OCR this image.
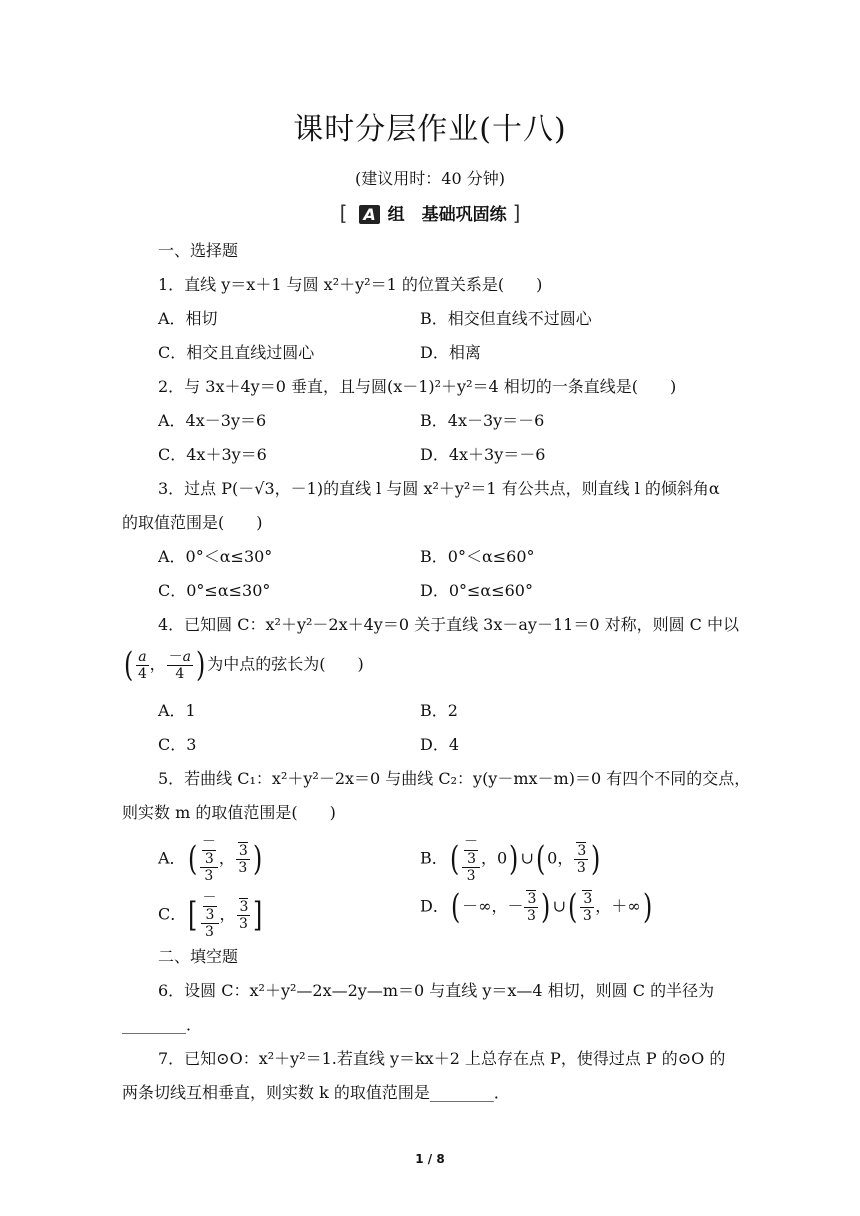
课时分层作业(十八)
(建议用时：40 分钟)
[ A 组　基础巩固练 ]
一、选择题
1．直线 y＝x＋1 与圆 x²＋y²＝1 的位置关系是(　　)
A．相切	B．相交但直线不过圆心
C．相交且直线过圆心	D．相离
2．与 3x＋4y＝0 垂直，且与圆(x－1)²＋y²＝4 相切的一条直线是(　　)
A．4x－3y＝6	B．4x－3y＝－6
C．4x＋3y＝6	D．4x＋3y＝－6
3．过点 P(－√3，－1)的直线 l 与圆 x²＋y²＝1 有公共点，则直线 l 的倾斜角α
的取值范围是(　　)
A．0°＜α≤30°	B．0°＜α≤60°
C．0°≤α≤30°	D．0°≤α≤60°
4．已知圆 C：x²＋y²－2x＋4y＝0 关于直线 3x－ay－11＝0 对称，则圆 C 中以
( $\frac{a}{4}$ ， $\frac{-a}{4}$ ) 为中点的弦长为(　　)
A．1	B．2
C．3	D．4
5．若曲线 C₁：x²＋y²－2x＝0 与曲线 C₂：y(y－mx－m)＝0 有四个不同的交点，
则实数 m 的取值范围是(　　)
A．( －
3
3 ， $\frac{3}{3}$ )	B．( －
3
3 ，0) ∪( 0， $\frac{3}{3}$ )
C．[ －
3
3 ， $\frac{3}{3}$ ]	D．( －∞，－ $\frac{3}{3}$ ) ∪( $\frac{3}{3}$ ，＋∞)
二、填空题
6．设圆 C：x²＋y²—2x—2y—m＝0 与直线 y＝x—4 相切，则圆 C 的半径为
________．
7．已知⊙O：x²＋y²＝1.若直线 y＝kx＋2 上总存在点 P，使得过点 P 的⊙O 的
两条切线互相垂直，则实数 k 的取值范围是________．
1 / 8
